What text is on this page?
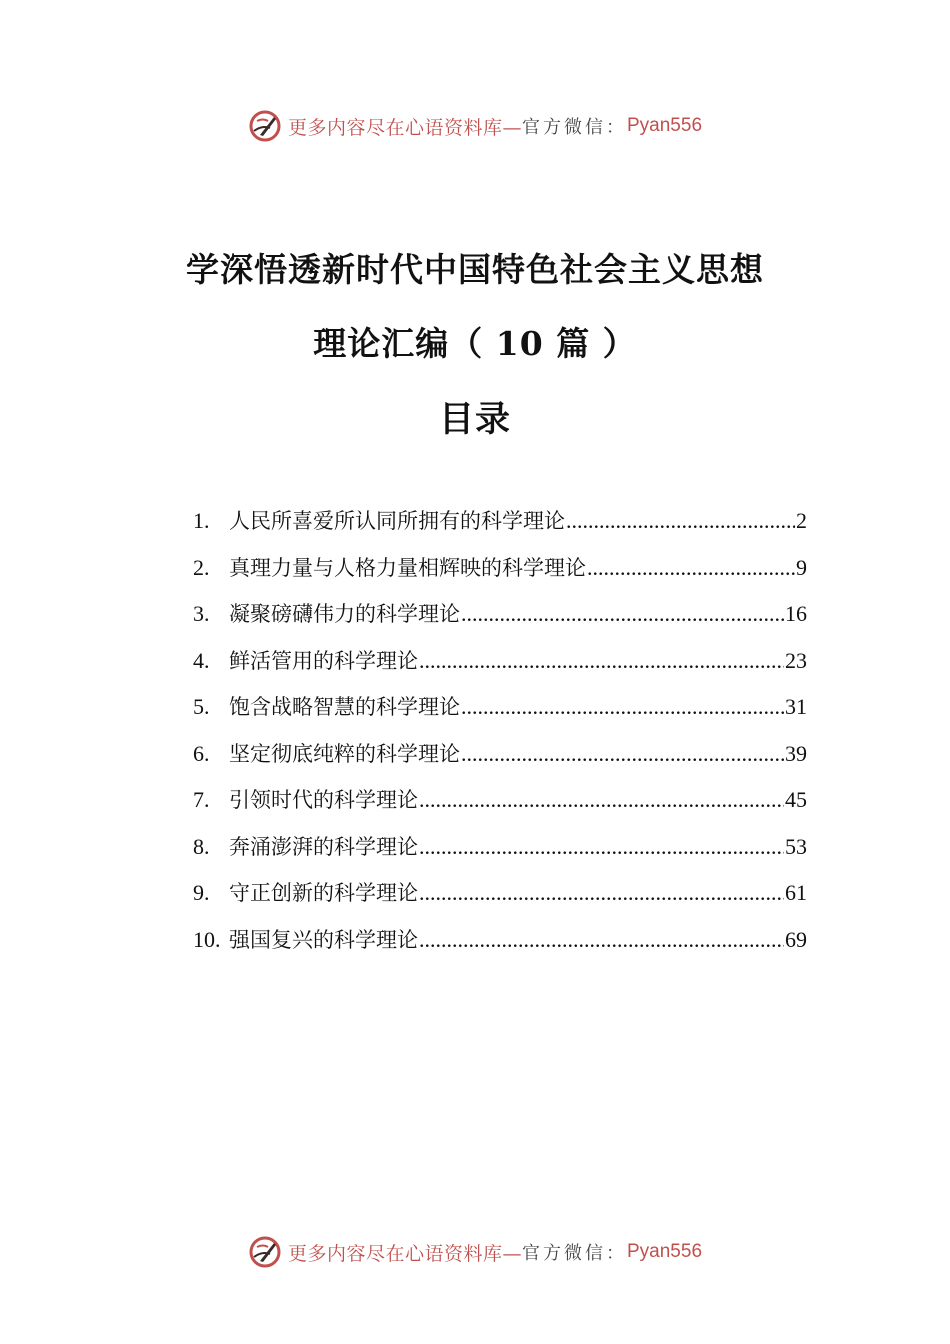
更多内容尽在心语资料库— 官方微信： Pyan556
学深悟透新时代中国特色社会主义思想
理论汇编（ 10 篇 ）
目录
1. 人民所喜爱所认同所拥有的科学理论 .....	2
2. 真理力量与人格力量相辉映的科学理论 .....	9
3. 凝聚磅礴伟力的科学理论 .....	16
4. 鲜活管用的科学理论 .....	23
5. 饱含战略智慧的科学理论 .....	31
6. 坚定彻底纯粹的科学理论 .....	39
7. 引领时代的科学理论 .....	45
8. 奔涌澎湃的科学理论 .....	53
9. 守正创新的科学理论 .....	61
10. 强国复兴的科学理论 .....	69
更多内容尽在心语资料库— 官方微信： Pyan556
